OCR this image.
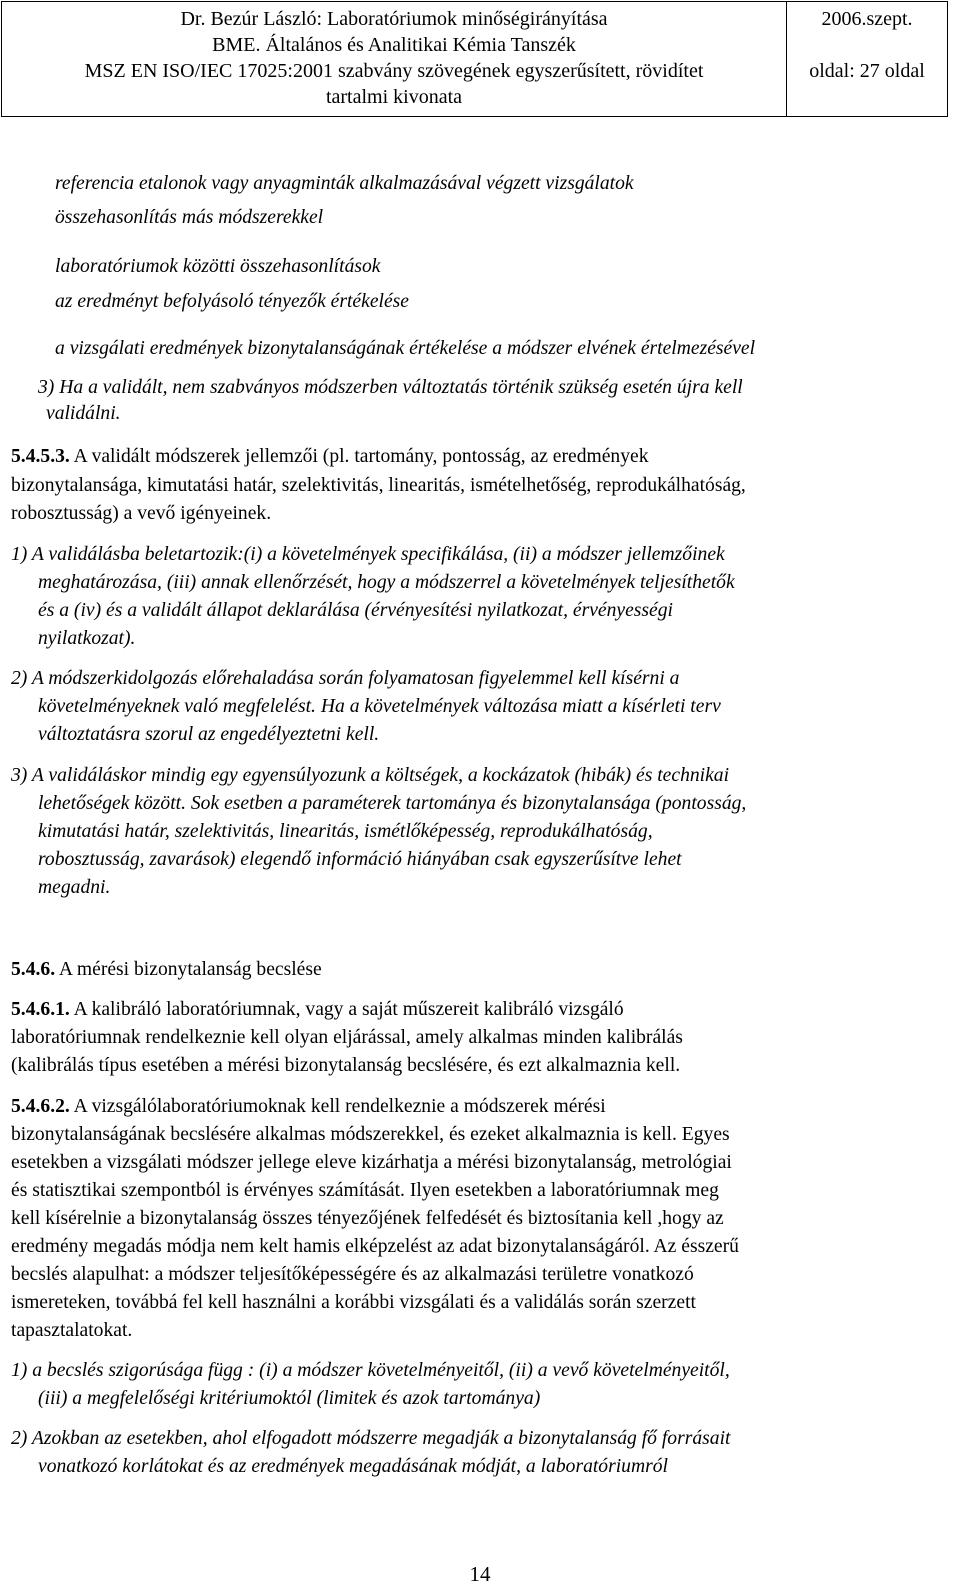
Dr. Bezúr László: Laboratóriumok minőségirányítása
BME. Általános és Analitikai Kémia Tanszék
MSZ EN ISO/IEC 17025:2001 szabvány szövegének egyszerűsített, rövidítet
tartalmi kivonata
2006.szept.
oldal: 27 oldal
referencia etalonok vagy anyagminták alkalmazásával végzett vizsgálatok
összehasonlítás más módszerekkel
laboratóriumok közötti összehasonlítások
az eredményt befolyásoló tényezők értékelése
a vizsgálati eredmények bizonytalanságának értékelése a módszer elvének értelmezésével
3) Ha a validált, nem szabványos módszerben változtatás történik szükség esetén újra kell
validálni.
5.4.5.3. A validált módszerek jellemzői (pl. tartomány, pontosság, az eredmények
bizonytalansága, kimutatási határ, szelektivitás, linearitás, ismételhetőség, reprodukálhatóság,
robosztusság) a vevő igényeinek.
1) A validálásba beletartozik:(i) a követelmények specifikálása, (ii) a módszer jellemzőinek
meghatározása, (iii) annak ellenőrzését, hogy a módszerrel a követelmények teljesíthetők
és a (iv) és a validált állapot deklarálása (érvényesítési nyilatkozat, érvényességi
nyilatkozat).
2) A módszerkidolgozás előrehaladása során folyamatosan figyelemmel kell kísérni a
követelményeknek való megfelelést. Ha a követelmények változása miatt a kísérleti terv
változtatásra szorul az engedélyeztetni kell.
3) A validáláskor mindig egy egyensúlyozunk a költségek, a kockázatok (hibák) és technikai
lehetőségek között. Sok esetben a paraméterek tartománya és bizonytalansága (pontosság,
kimutatási határ, szelektivitás, linearitás, ismétlőképesség, reprodukálhatóság,
robosztusság, zavarások) elegendő információ hiányában csak egyszerűsítve lehet
megadni.
5.4.6. A mérési bizonytalanság becslése
5.4.6.1. A kalibráló laboratóriumnak, vagy a saját műszereit kalibráló vizsgáló
laboratóriumnak rendelkeznie kell olyan eljárással, amely alkalmas minden kalibrálás
(kalibrálás típus esetében a mérési bizonytalanság becslésére, és ezt alkalmaznia kell.
5.4.6.2. A vizsgálólaboratóriumoknak kell rendelkeznie a módszerek mérési
bizonytalanságának becslésére alkalmas módszerekkel, és ezeket alkalmaznia is kell. Egyes
esetekben a vizsgálati módszer jellege eleve kizárhatja a mérési bizonytalanság, metrológiai
és statisztikai szempontból is érvényes számítását. Ilyen esetekben a laboratóriumnak meg
kell kísérelnie a bizonytalanság összes tényezőjének felfedését és biztosítania kell ,hogy az
eredmény megadás módja nem kelt hamis elképzelést az adat bizonytalanságáról. Az ésszerű
becslés alapulhat: a módszer teljesítőképességére és az alkalmazási területre vonatkozó
ismereteken, továbbá fel kell használni a korábbi vizsgálati és a validálás során szerzett
tapasztalatokat.
1) a becslés szigorúsága függ : (i) a módszer követelményeitől, (ii) a vevő követelményeitől,
(iii) a megfelelőségi kritériumoktól (limitek és azok tartománya)
2) Azokban az esetekben, ahol elfogadott módszerre megadják a bizonytalanság fő forrásait
vonatkozó korlátokat és az eredmények megadásának módját, a laboratóriumról
14
